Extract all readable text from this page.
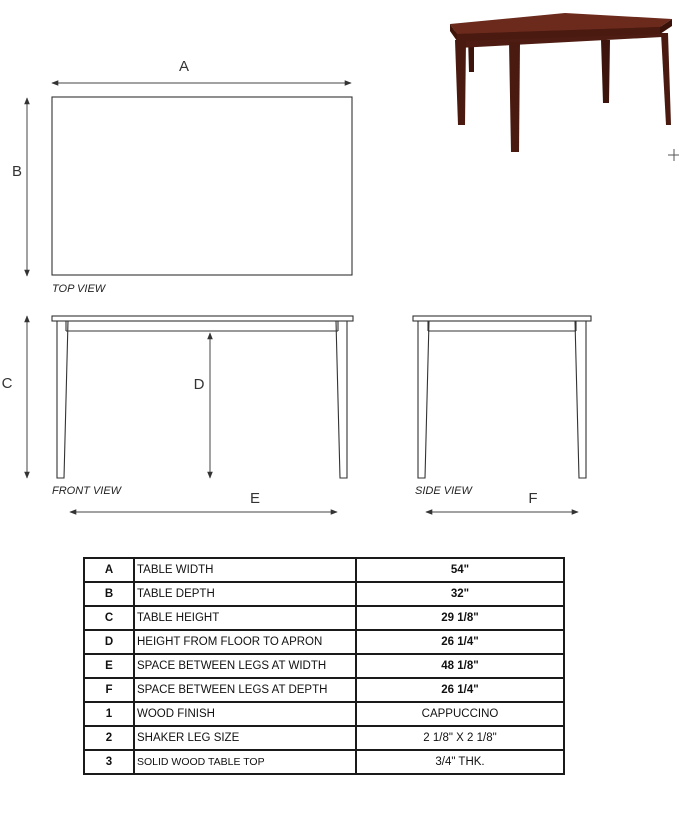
A
B
TOP VIEW
C	D
FRONT VIEW	E	SIDE VIEW	F
A	TABLE WIDTH	54"
B	TABLE DEPTH	32"
C	TABLE HEIGHT	29 1/8"
D	HEIGHT FROM FLOOR TO APRON	26 1/4"
E	SPACE BETWEEN LEGS AT WIDTH	48 1/8"
F	SPACE BETWEEN LEGS AT DEPTH	26 1/4"
1	WOOD FINISH	CAPPUCCINO
2	SHAKER LEG SIZE	2 1/8" X 2 1/8"
3	SOLID WOOD TABLE TOP	3/4" THK.
